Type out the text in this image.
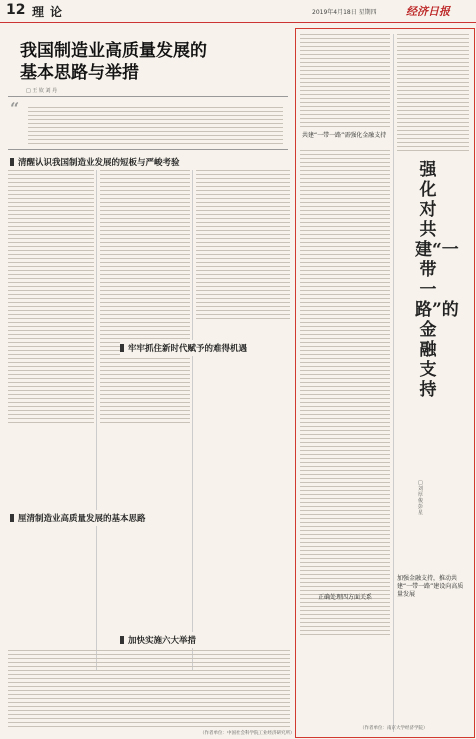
12 理论	2019年4月18日 星期四	经济日报
我国制造业高质量发展的
基本思路与举措
□ 王 钦 刘 丹
“
清醒认识我国制造业发展的短板与严峻考验
牢牢抓住新时代赋予的难得机遇
厘清制造业高质量发展的基本思路
加快实施六大举措
（作者单位：中国社会科学院工业经济研究所）
共建“一带一路”需强化金融支持
正确处理四方面关系
强化对共建“一带一路”的金融支持
□ 刘 厚 俊 彭 星
加强金融支持，推动共建“一带一路”建设向高质量发展
（作者单位：南京大学经济学院）
